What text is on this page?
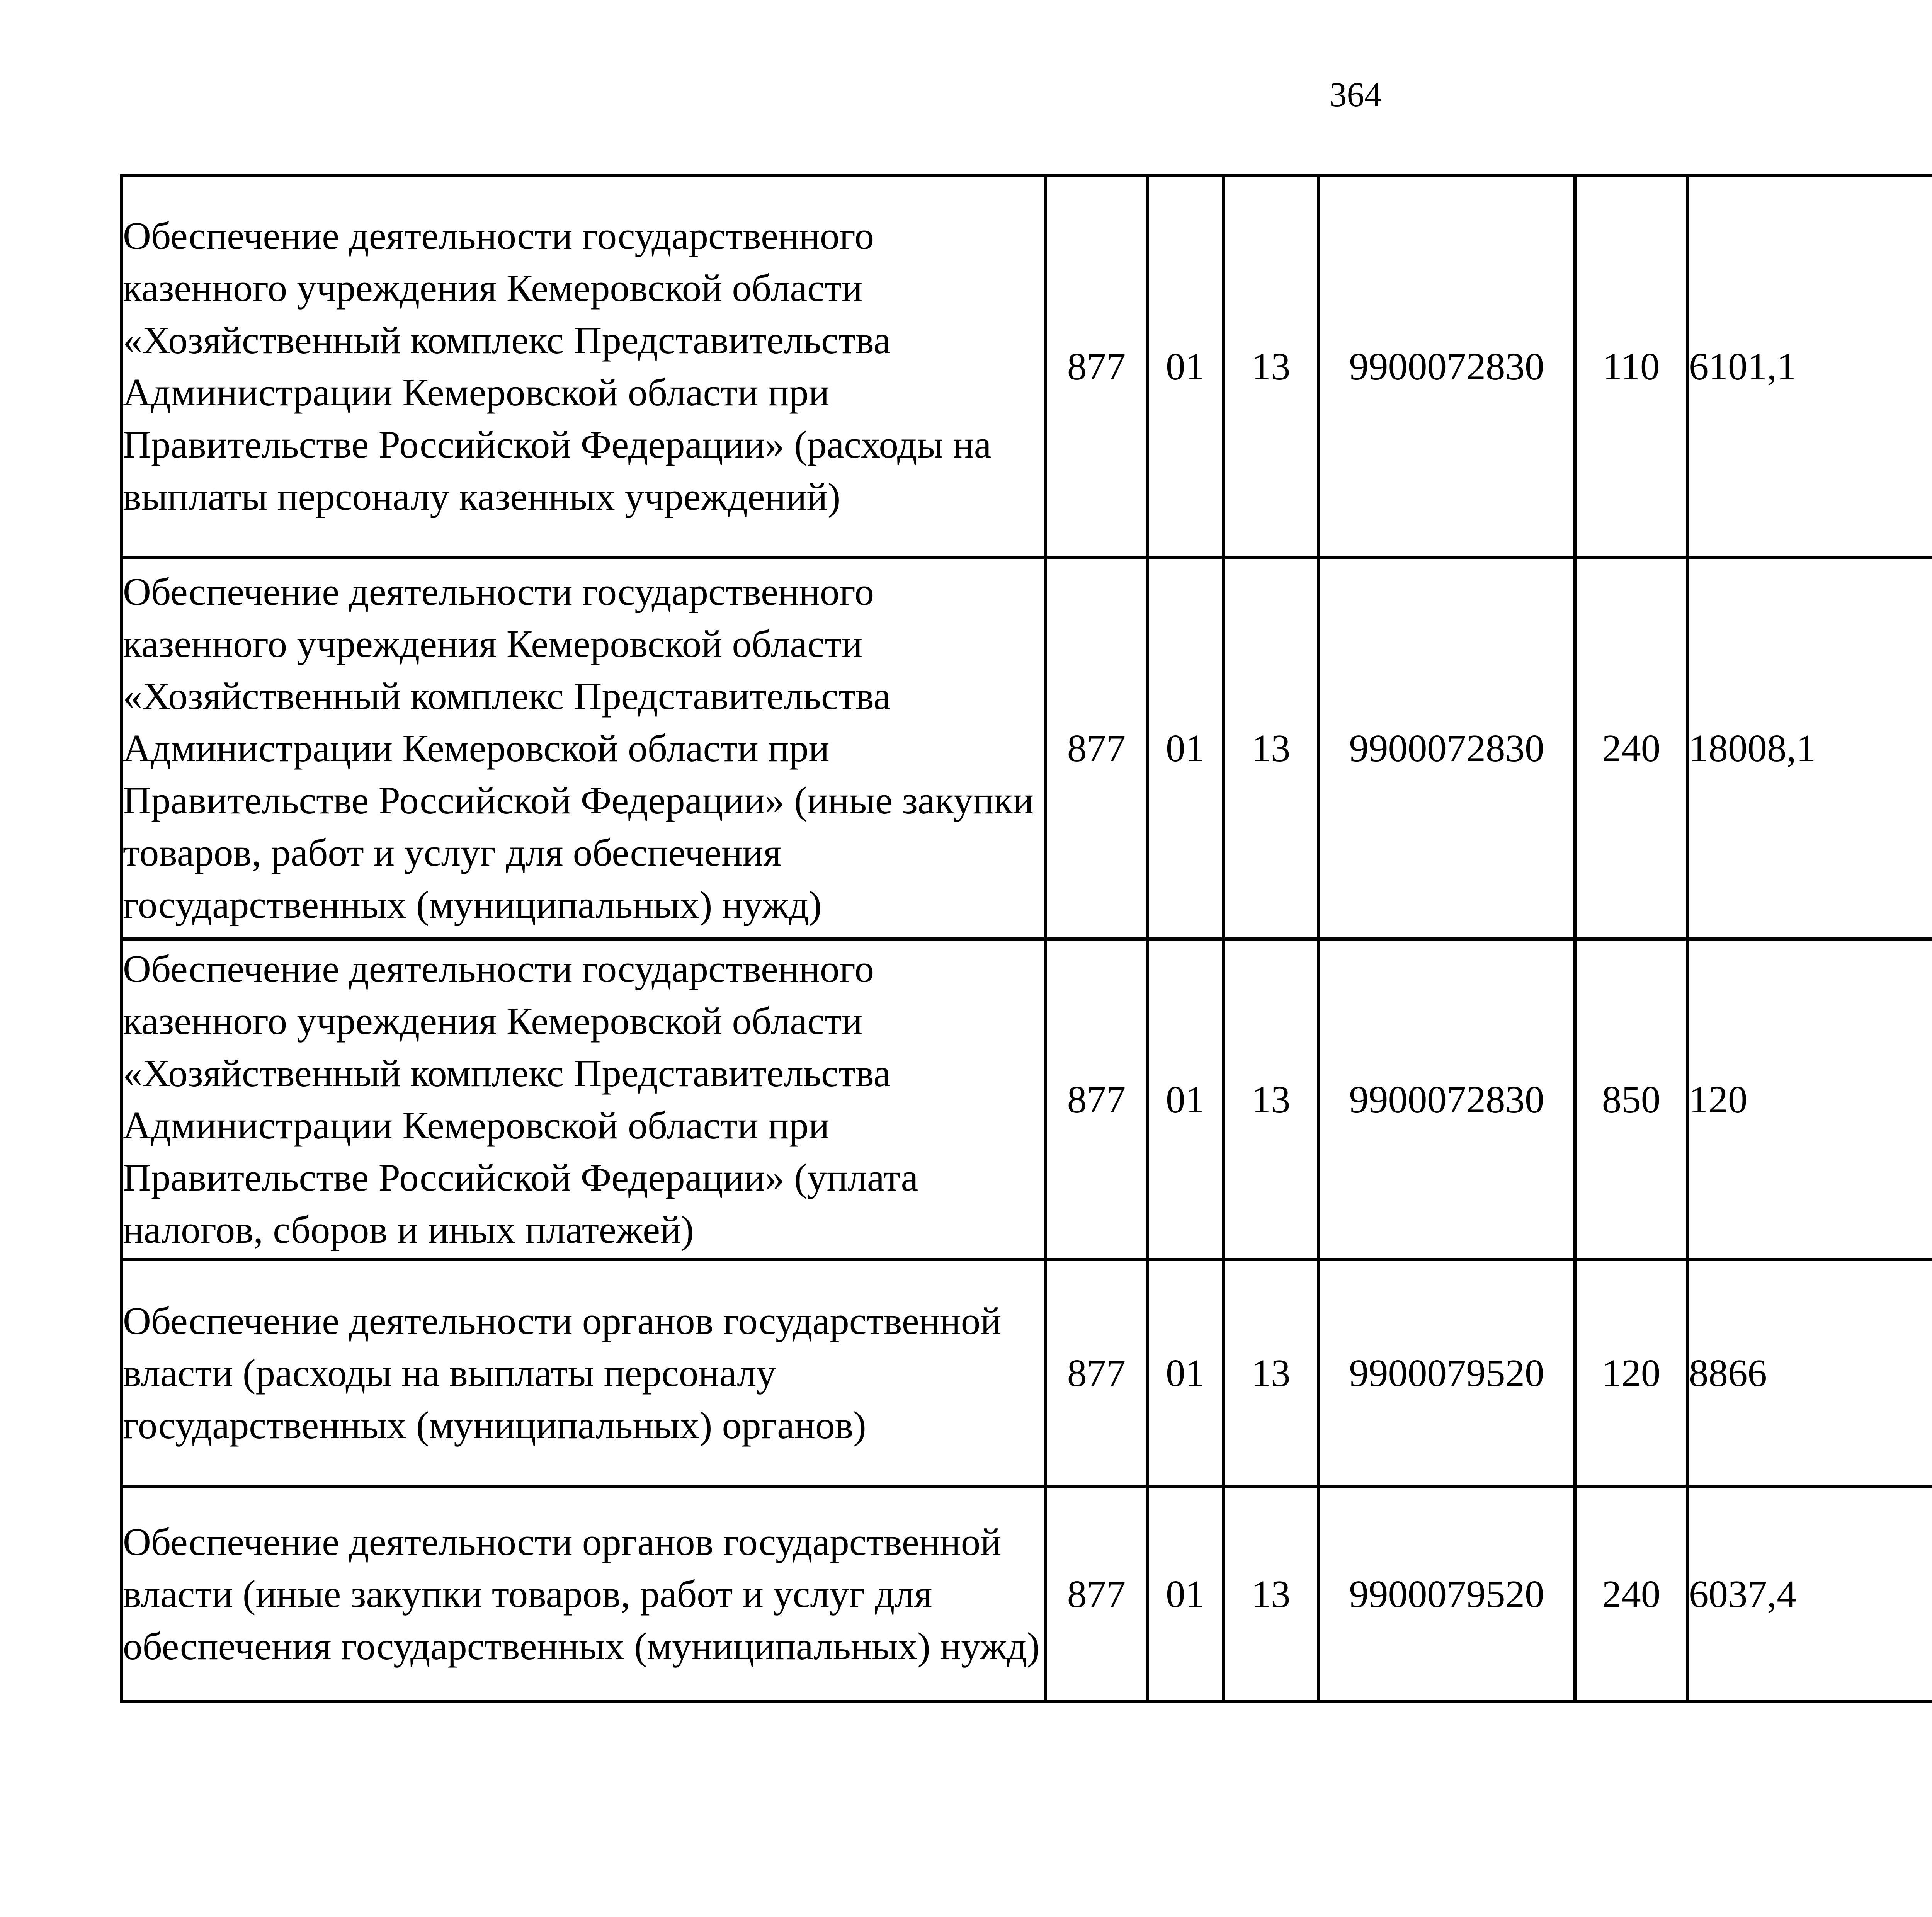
364
Обеспечение деятельности государственного казенного учреждения Кемеровской области «Хозяйственный комплекс Представительства Администрации Кемеровской области при Правительстве Российской Федерации» (расходы на выплаты персоналу казенных учреждений)	877	01	13	9900072830	110	6101,1		
Обеспечение деятельности государственного казенного учреждения Кемеровской области «Хозяйственный комплекс Представительства Администрации Кемеровской области при Правительстве Российской Федерации» (иные закупки товаров, работ и услуг для обеспечения государственных (муниципальных) нужд)	877	01	13	9900072830	240	18008,1		
Обеспечение деятельности государственного казенного учреждения Кемеровской области «Хозяйственный комплекс Представительства Администрации Кемеровской области при Правительстве Российской Федерации» (уплата налогов, сборов и иных платежей)	877	01	13	9900072830	850	120		
Обеспечение деятельности органов государственной власти (расходы на выплаты персоналу государственных (муниципальных) органов)	877	01	13	9900079520	120	8866		
Обеспечение деятельности органов государственной власти (иные закупки товаров, работ и услуг для обеспечения государственных (муниципальных) нужд)	877	01	13	9900079520	240	6037,4		
